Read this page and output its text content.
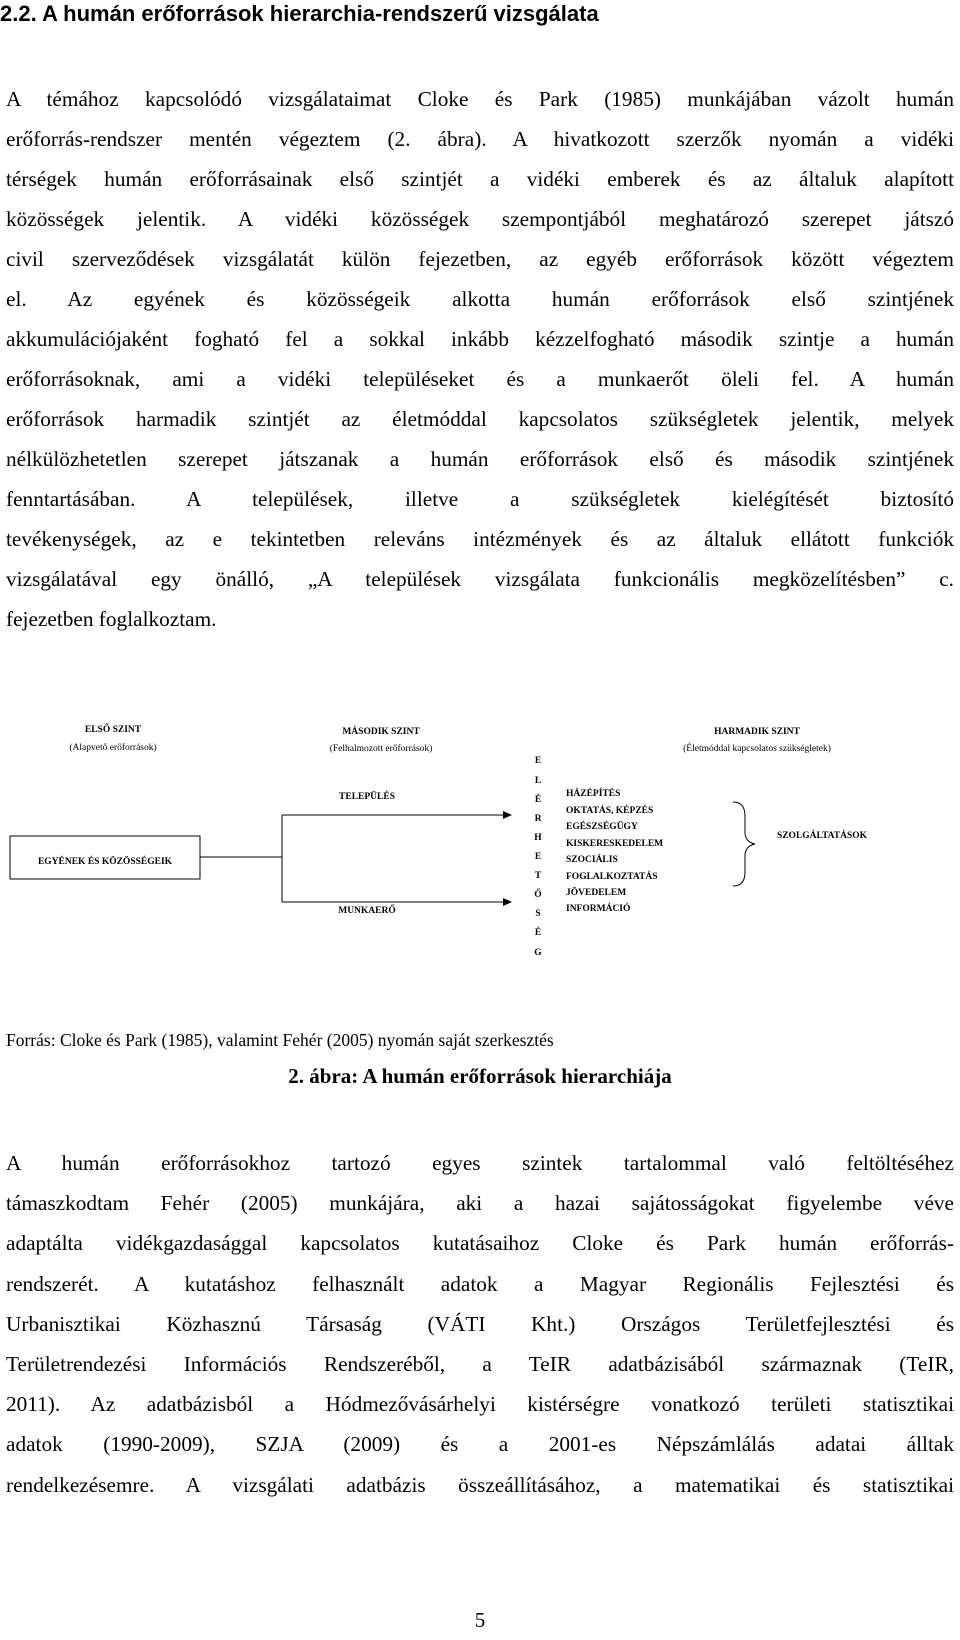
2.2. A humán erőforrások hierarchia-rendszerű vizsgálata
A témához kapcsolódó vizsgálataimat Cloke és Park (1985) munkájában vázolt humán
erőforrás-rendszer mentén végeztem (2. ábra). A hivatkozott szerzők nyomán a vidéki
térségek humán erőforrásainak első szintjét a vidéki emberek és az általuk alapított
közösségek jelentik. A vidéki közösségek szempontjából meghatározó szerepet játszó
civil szerveződések vizsgálatát külön fejezetben, az egyéb erőforrások között végeztem
el. Az egyének és közösségeik alkotta humán erőforrások első szintjének
akkumulációjaként fogható fel a sokkal inkább kézzelfogható második szintje a humán
erőforrásoknak, ami a vidéki településeket és a munkaerőt öleli fel. A humán
erőforrások harmadik szintjét az életmóddal kapcsolatos szükségletek jelentik, melyek
nélkülözhetetlen szerepet játszanak a humán erőforrások első és második szintjének
fenntartásában. A települések, illetve a szükségletek kielégítését biztosító
tevékenységek, az e tekintetben releváns intézmények és az általuk ellátott funkciók
vizsgálatával egy önálló, „A települések vizsgálata funkcionális megközelítésben” c.
fejezetben foglalkoztam.
ELSŐ SZINT
(Alapvető erőforrások)
MÁSODIK SZINT
(Felhalmozott erőforrások)
HARMADIK SZINT
(Életmóddal kapcsolatos szükségletek)
EGYÉNEK ÉS KÖZÖSSÉGEIK
TELEPÜLÉS
MUNKAERŐ
E
L
É
R
H
E
T
Ő
S
É
G
HÁZÉPÍTÉS
OKTATÁS, KÉPZÉS
EGÉSZSÉGÜGY
KISKERESKEDELEM
SZOCIÁLIS
FOGLALKOZTATÁS
JÖVEDELEM
INFORMÁCIÓ
SZOLGÁLTATÁSOK
Forrás: Cloke és Park (1985), valamint Fehér (2005) nyomán saját szerkesztés
2. ábra: A humán erőforrások hierarchiája
A humán erőforrásokhoz tartozó egyes szintek tartalommal való feltöltéséhez
támaszkodtam Fehér (2005) munkájára, aki a hazai sajátosságokat figyelembe véve
adaptálta vidékgazdasággal kapcsolatos kutatásaihoz Cloke és Park humán erőforrás-
rendszerét. A kutatáshoz felhasznált adatok a Magyar Regionális Fejlesztési és
Urbanisztikai Közhasznú Társaság (VÁTI Kht.) Országos Területfejlesztési és
Területrendezési Információs Rendszeréből, a TeIR adatbázisából származnak (TeIR,
2011). Az adatbázisból a Hódmezővásárhelyi kistérségre vonatkozó területi statisztikai
adatok (1990-2009), SZJA (2009) és a 2001-es Népszámlálás adatai álltak
rendelkezésemre. A vizsgálati adatbázis összeállításához, a matematikai és statisztikai
5
